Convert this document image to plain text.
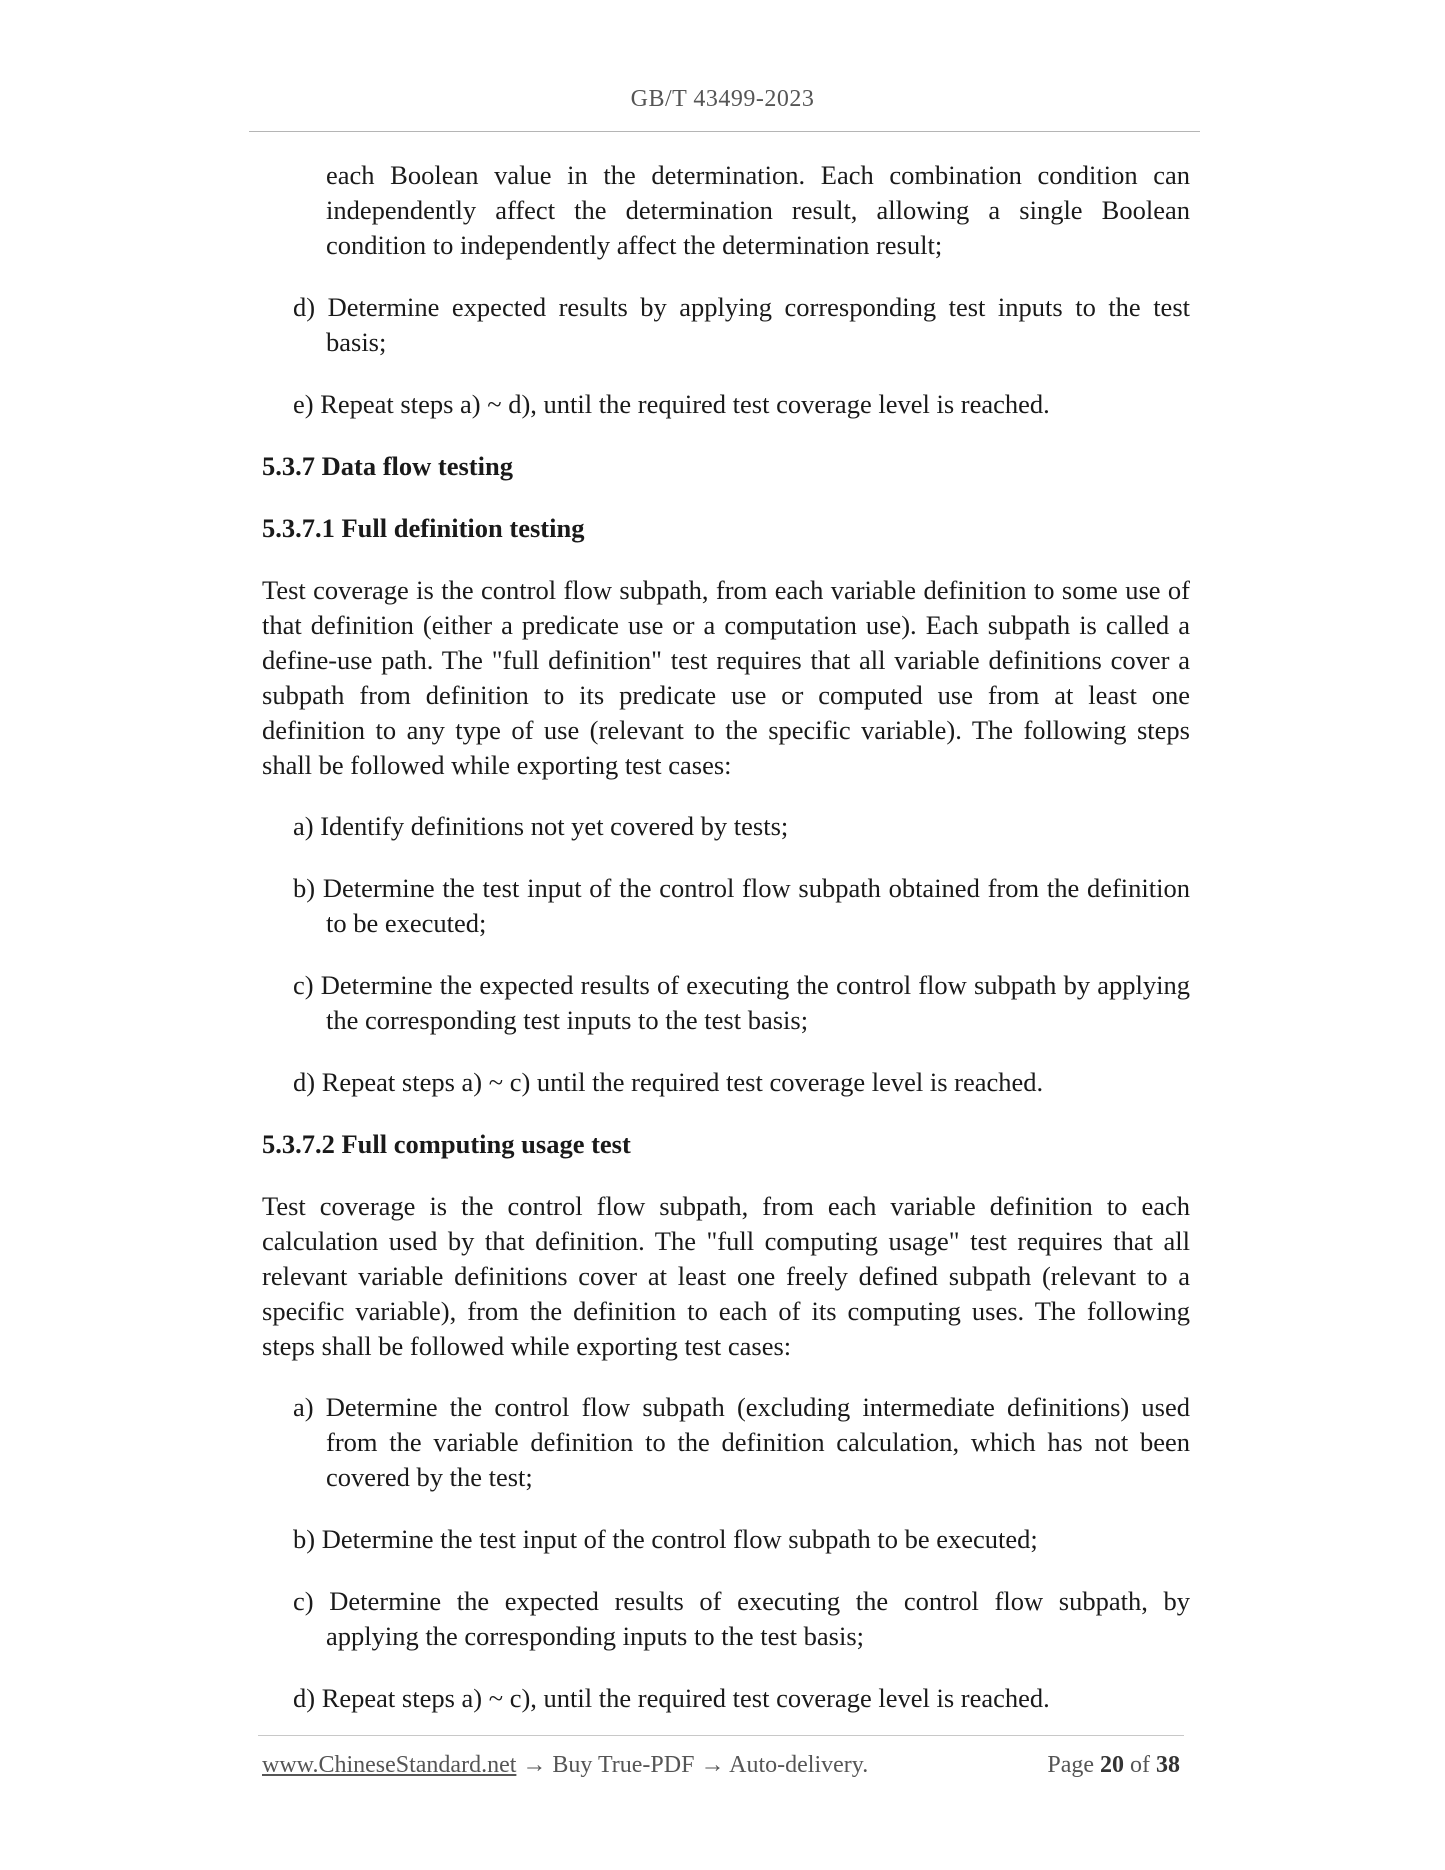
GB/T 43499-2023
each Boolean value in the determination. Each combination condition can independently affect the determination result, allowing a single Boolean condition to independently affect the determination result;
d) Determine expected results by applying corresponding test inputs to the test basis;
e) Repeat steps a) ~ d), until the required test coverage level is reached.
5.3.7 Data flow testing
5.3.7.1 Full definition testing
Test coverage is the control flow subpath, from each variable definition to some use of that definition (either a predicate use or a computation use). Each subpath is called a define-use path. The "full definition" test requires that all variable definitions cover a subpath from definition to its predicate use or computed use from at least one definition to any type of use (relevant to the specific variable). The following steps shall be followed while exporting test cases:
a) Identify definitions not yet covered by tests;
b) Determine the test input of the control flow subpath obtained from the definition to be executed;
c) Determine the expected results of executing the control flow subpath by applying the corresponding test inputs to the test basis;
d) Repeat steps a) ~ c) until the required test coverage level is reached.
5.3.7.2 Full computing usage test
Test coverage is the control flow subpath, from each variable definition to each calculation used by that definition. The "full computing usage" test requires that all relevant variable definitions cover at least one freely defined subpath (relevant to a specific variable), from the definition to each of its computing uses. The following steps shall be followed while exporting test cases:
a) Determine the control flow subpath (excluding intermediate definitions) used from the variable definition to the definition calculation, which has not been covered by the test;
b) Determine the test input of the control flow subpath to be executed;
c) Determine the expected results of executing the control flow subpath, by applying the corresponding inputs to the test basis;
d) Repeat steps a) ~ c), until the required test coverage level is reached.
www.ChineseStandard.net → Buy True-PDF → Auto-delivery.	Page 20 of 38
